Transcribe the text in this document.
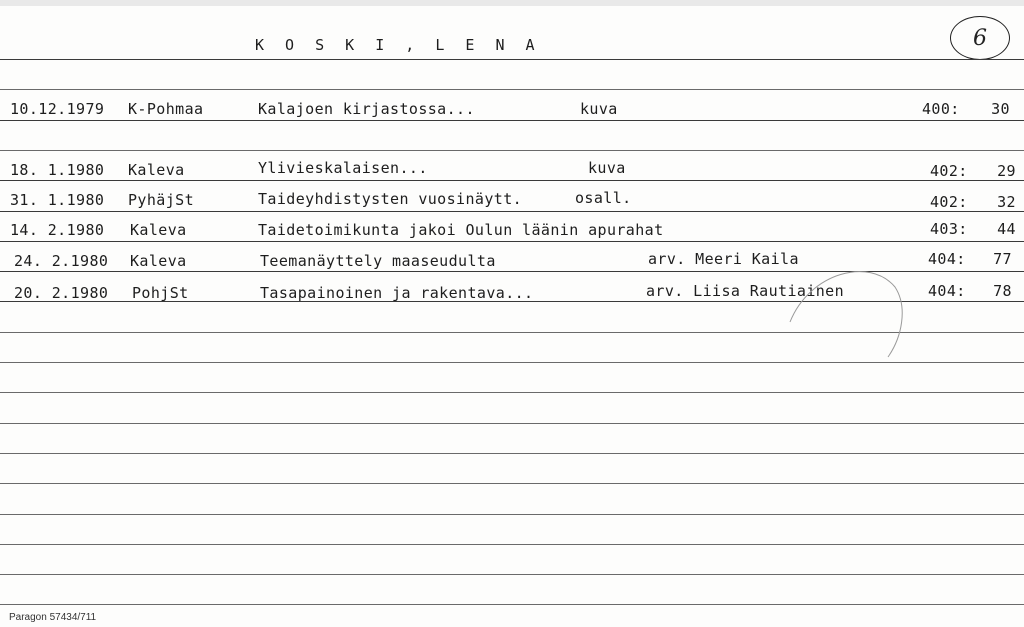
K O S K I , L E N A	6
10.12.1979 K-Pohmaa	Kalajoen kirjastossa...	kuva	400:	30
18. 1.1980 Kaleva	Ylivieskalaisen...	kuva	402:	29
31. 1.1980 PyhäjSt	Taideyhdistysten vuosinäytt.	osall.	402:	32
14. 2.1980 Kaleva	Taidetoimikunta jakoi Oulun läänin apurahat	403:	44
24. 2.1980 Kaleva	Teemanäyttely maaseudulta	arv. Meeri Kaila	404:	77
20. 2.1980 PohjSt	Tasapainoinen ja rakentava...	arv. Liisa Rautiainen	404:	78
Paragon 57434/711
